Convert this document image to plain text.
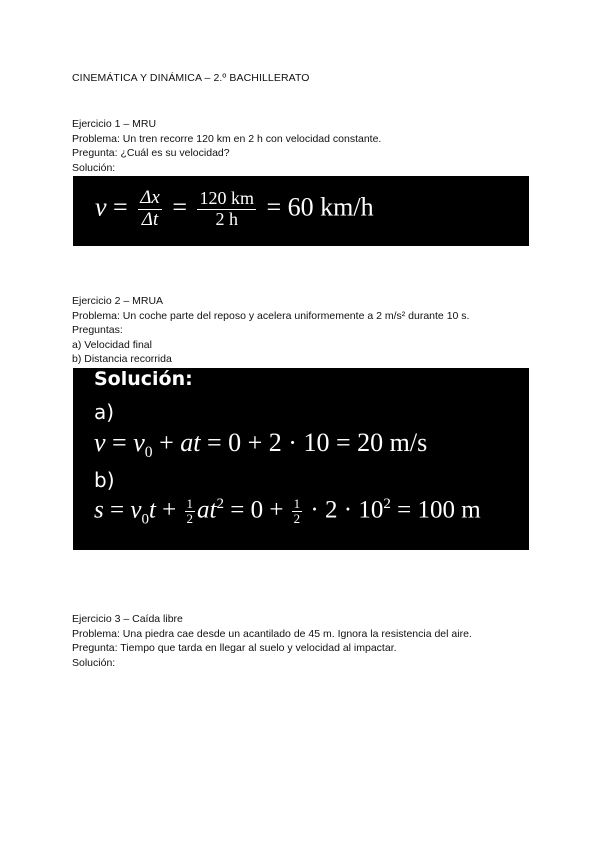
CINEMÁTICA Y DINÁMICA – 2.º BACHILLERATO
Ejercicio 1 – MRU
Problema: Un tren recorre 120 km en 2 h con velocidad constante.
Pregunta: ¿Cuál es su velocidad?
Solución:
$v = \frac{\Delta x}{\Delta t} = \frac{120 km}{2 h} = 60$ km/h
Ejercicio 2 – MRUA
Problema: Un coche parte del reposo y acelera uniformemente a 2 m/s² durante 10 s.
Preguntas:
a) Velocidad final
b) Distancia recorrida
Solución:
a)
$v = v_0$ + at = 0 + 2 · 10 = 20 m/s
b)
$s = v_0t + \frac{1}{2} at^2 = 0 + \frac{1}{2} \cdot 2 \cdot 10^2 = 100$ m
Ejercicio 3 – Caída libre
Problema: Una piedra cae desde un acantilado de 45 m. Ignora la resistencia del aire.
Pregunta: Tiempo que tarda en llegar al suelo y velocidad al impactar.
Solución:
